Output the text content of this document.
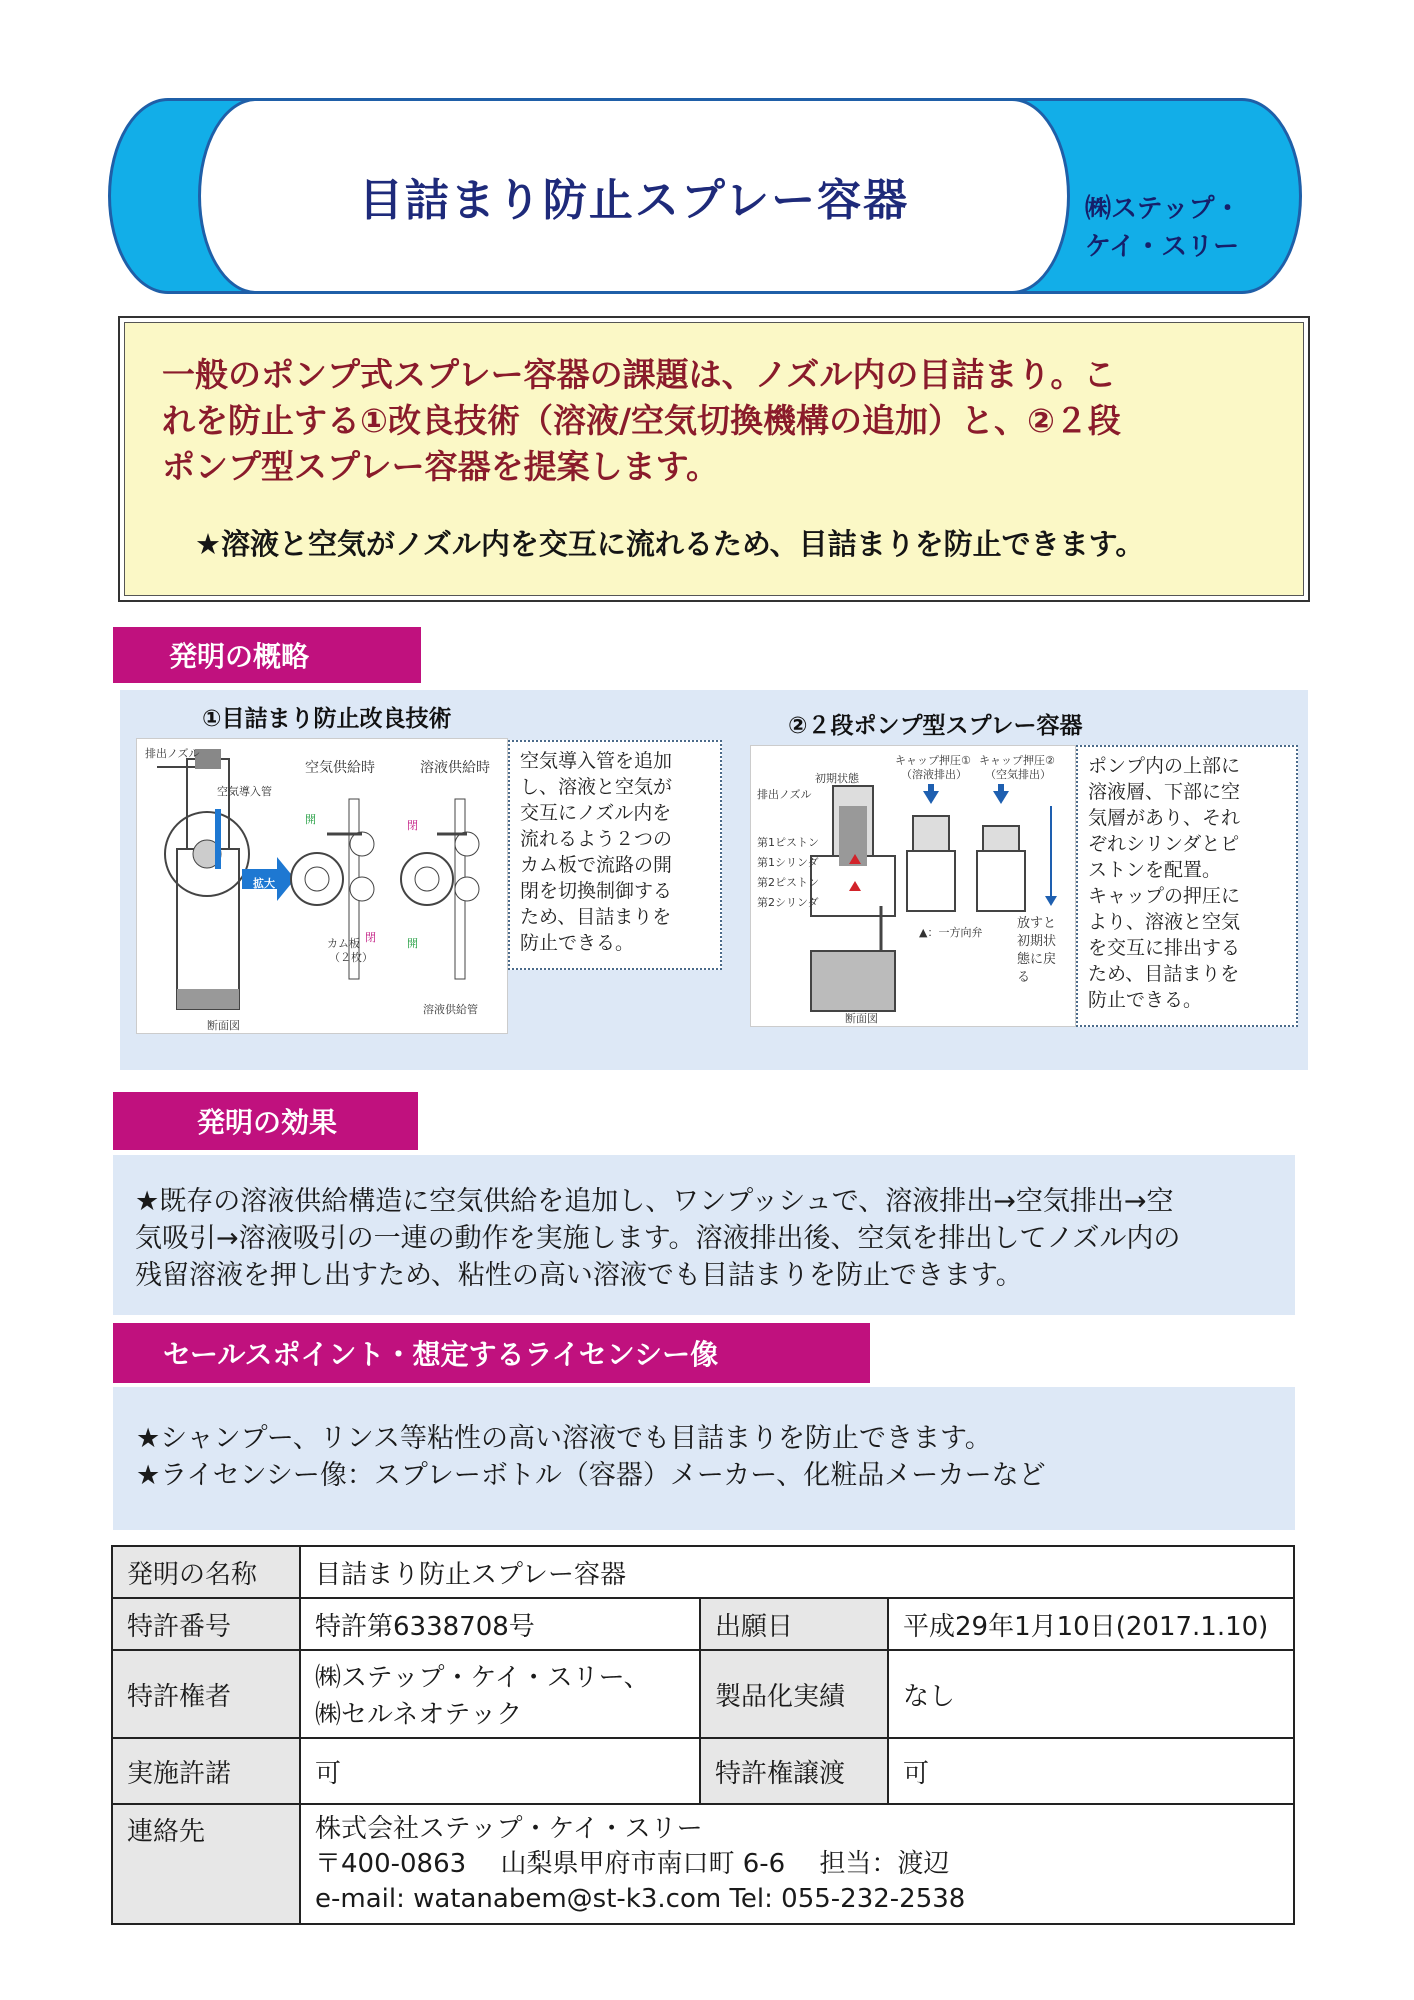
目詰まり防止スプレー容器	㈱ステップ・
ケイ・スリー
一般のポンプ式スプレー容器の課題は、ノズル内の目詰まり。こ
れを防止する①改良技術（溶液/空気切換機構の追加）と、②２段
ポンプ型スプレー容器を提案します。
★溶液と空気がノズル内を交互に流れるため、目詰まりを防止できます。
発明の概略
①目詰まり防止改良技術
排出ノズル
空気導入管
空気供給時	溶液供給時
開
閉
拡大
開
閉
カム板
（２枚）
溶液供給管
断面図
空気導入管を追加
し、溶液と空気が
交互にノズル内を
流れるよう２つの
カム板で流路の開
閉を切換制御する
ため、目詰まりを
防止できる。
②２段ポンプ型スプレー容器
初期状態
キャップ押圧①
（溶液排出）
キャップ押圧②
（空気排出）
排出ノズル
第1ピストン
第1シリンダ
第2ピストン
第2シリンダ
▲：一方向弁
放すと
初期状
態に戻
る
断面図
ポンプ内の上部に
溶液層、下部に空
気層があり、それ
ぞれシリンダとピ
ストンを配置。
キャップの押圧に
より、溶液と空気
を交互に排出する
ため、目詰まりを
防止できる。
発明の効果
★既存の溶液供給構造に空気供給を追加し、ワンプッシュで、溶液排出→空気排出→空
気吸引→溶液吸引の一連の動作を実施します。溶液排出後、空気を排出してノズル内の
残留溶液を押し出すため、粘性の高い溶液でも目詰まりを防止できます。
セールスポイント・想定するライセンシー像
★シャンプー、リンス等粘性の高い溶液でも目詰まりを防止できます。
★ライセンシー像：スプレーボトル（容器）メーカー、化粧品メーカーなど
発明の名称	目詰まり防止スプレー容器		
特許番号	特許第6338708号	出願日	平成29年1月10日(2017.1.10)
特許権者	㈱ステップ・ケイ・スリー、
㈱セルネオテック	製品化実績	なし
実施許諾	可	特許権譲渡	可
連絡先	株式会社ステップ・ケイ・スリー
〒400-0863　 山梨県甲府市南口町 6-6　 担当：渡辺
e-mail: watanabem@st-k3.com Tel: 055-232-2538		
